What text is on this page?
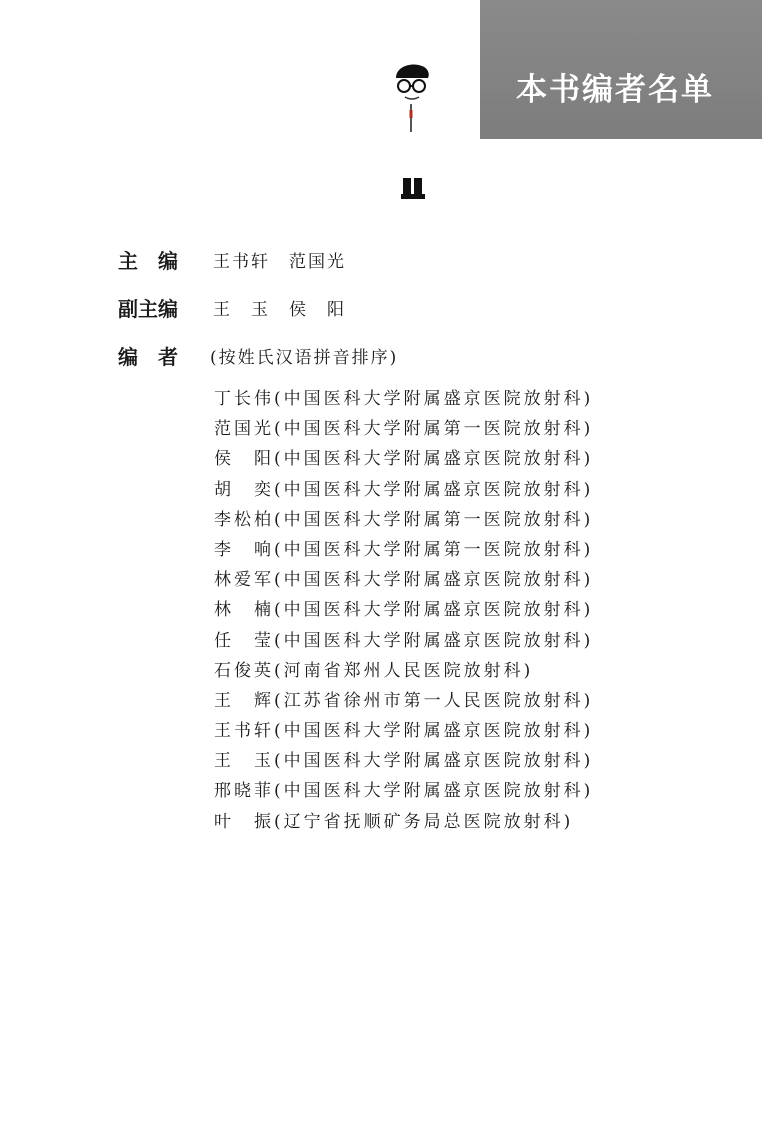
本书编者名单
主　编 王书轩　范国光
副主编 王　玉　侯　阳
编　者 (按姓氏汉语拼音排序)
丁长伟(中国医科大学附属盛京医院放射科)
范国光(中国医科大学附属第一医院放射科)
侯　阳(中国医科大学附属盛京医院放射科)
胡　奕(中国医科大学附属盛京医院放射科)
李松柏(中国医科大学附属第一医院放射科)
李　响(中国医科大学附属第一医院放射科)
林爱军(中国医科大学附属盛京医院放射科)
林　楠(中国医科大学附属盛京医院放射科)
任　莹(中国医科大学附属盛京医院放射科)
石俊英(河南省郑州人民医院放射科)
王　辉(江苏省徐州市第一人民医院放射科)
王书轩(中国医科大学附属盛京医院放射科)
王　玉(中国医科大学附属盛京医院放射科)
邢晓菲(中国医科大学附属盛京医院放射科)
叶　振(辽宁省抚顺矿务局总医院放射科)
